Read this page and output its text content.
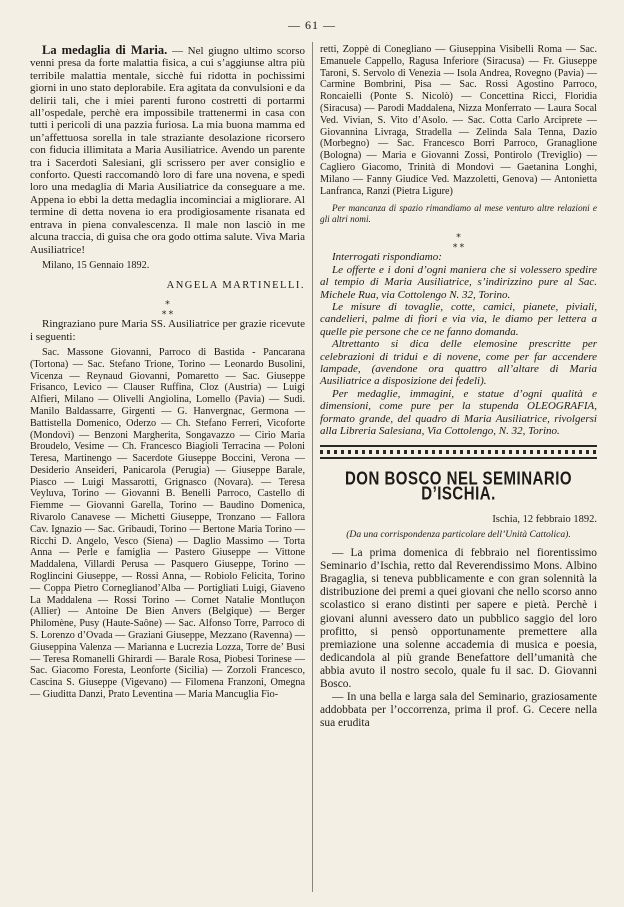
— 61 —

La medaglia di Maria. — Nel giugno ultimo scorso venni presa da forte malattia fisica, a cui s’aggiunse altra più terribile malattia mentale, sicchè fui ridotta in pochissimi giorni in uno stato deplorabile. Era agitata da convulsioni e da delirii tali, che i miei parenti furono costretti di portarmi all’ospedale, perchè era impossibile trattenermi in casa con tutti i pericoli di una pazzia furiosa. La mia buona mamma ed un’affettuosa sorella in tale straziante desolazione ricorsero con fiducia illimitata a Maria Ausiliatrice. Avendo un parente tra i Sacerdoti Salesiani, gli scrissero per aver consiglio e conforto. Questi raccomandò loro di fare una novena, e spedì loro una medaglia di Maria Ausiliatrice da conseguare a me. Appena io ebbi la detta medaglia incominciai a migliorare. Al termine di detta novena io era prodigiosamente risanata ed entrava in piena convalescenza. Il male non lasciò in me alcuna traccia, di guisa che ora godo ottima salute. Viva Maria Ausiliatrice!

Milano, 15 Gennaio 1892.

ANGELA MARTINELLI.

⁎
⁎ ⁎

Ringraziano pure Maria SS. Ausiliatrice per grazie ricevute i seguenti:

Sac. Massone Giovanni, Parroco di Bastida - Pancarana (Tortona) — Sac. Stefano Trione, Torino — Leonardo Busolini, Vicenza — Reynaud Giovanni, Pomaretto — Sac. Giuseppe Frisanco, Levico — Clauser Ruffina, Cloz (Austria) — Luigi Alfieri, Milano — Olivelli Angiolina, Lomello (Pavia) — Sudi. Manilo Baldassarre, Girgenti — G. Hanvergnac, Germona — Battistella Domenico, Oderzo — Ch. Stefano Ferreri, Vicoforte (Mondovì) — Benzoni Margherita, Songavazzo — Cirio Maria Broudelo, Vesime — Ch. Francesco Biagioli Terracina — Poloni Teresa, Martinengo — Sacerdote Giuseppe Boccini, Verona — Desiderio Anseideri, Panicarola (Perugia) — Giuseppe Barale, Piasco — Luigi Massarotti, Grignasco (Novara). — Teresa Veyluva, Torino — Giovanni B. Benelli Parroco, Castello di Fiemme — Giovanni Garella, Torino — Baudino Domenica, Rivarolo Canavese — Michetti Giuseppe, Tronzano — Fallora Cav. Ignazio — Sac. Gribaudi, Torino — Bertone Maria Torino — Ricchi D. Angelo, Vesco (Siena) — Daglio Massimo — Torta Anna — Perle e famiglia — Pastero Giuseppe — Vittone Maddalena, Villardi Perusa — Pasquero Giuseppe, Torino — Roglincini Giuseppe, — Rossi Anna, — Robiolo Felicita, Torino — Coppa Pietro Corneglianod’Alba — Portigliati Luigi, Giaveno La Maddalena — Rossi Torino — Cornet Natalie Montluçon (Allier) — Antoine De Bien Anvers (Belgique) — Berger Philomène, Pusy (Haute-Saône) — Sac. Alfonso Torre, Parroco di S. Lorenzo d’Ovada — Graziani Giuseppe, Mezzano (Ravenna) — Giuseppina Valenza — Marianna e Lucrezia Lozza, Torre de’ Busi — Teresa Romanelli Ghirardi — Barale Rosa, Piobesi Torinese — Sac. Giacomo Foresta, Leonforte (Sicilia) — Zorzoli Francesco, Cascina S. Giuseppe (Vigevano) — Filomena Franzoni, Omegna — Giuditta Danzi, Prato Leventina — Maria Mancuglia Fio-

retti, Zoppè di Conegliano — Giuseppina Visibelli Roma — Sac. Emanuele Cappello, Ragusa Inferiore (Siracusa) — Fr. Giuseppe Taroni, S. Servolo di Venezia — Isola Andrea, Rovegno (Pavia) — Carmine Bombrini, Pisa — Sac. Rossi Agostino Parroco, Roncaielli (Ponte S. Nicolò) — Concettina Ricci, Floridia (Siracusa) — Parodi Maddalena, Nizza Monferrato — Laura Socal Ved. Vivian, S. Vito d’Asolo. — Sac. Cotta Carlo Arciprete — Giovannina Livraga, Stradella — Zelinda Sala Tenna, Dazio (Morbegno) — Sac. Francesco Borri Parroco, Granaglione (Bologna) — Maria e Giovanni Zossi, Pontirolo (Treviglio) — Cagliero Giacomo, Trinità di Mondovì — Gaetanina Longhi, Milano — Fanny Giudice Ved. Mazzoletti, Genova) — Antonietta Lanfranca, Ranzi (Pietra Ligure)

Per mancanza di spazio rimandiamo al mese venturo altre relazioni e gli altri nomi.

⁎
⁎ ⁎

Interrogati rispondiamo:

Le offerte e i doni d’ogni maniera che si volessero spedire al tempio di Maria Ausiliatrice, s’indirizzino pure al Sac. Michele Rua, via Cottolengo N. 32, Torino.

Le misure di tovaglie, cotte, camici, pianete, piviali, candelieri, palme di fiori e via via, le diamo per lettera a quelle pie persone che ce ne fanno domanda.

Altrettanto si dica delle elemosine prescritte per celebrazioni di tridui e di novene, come per far accendere lampade, (avendone ora quattro all’altare di Maria Ausiliatrice a disposizione dei fedeli).

Per medaglie, immagini, e statue d’ogni qualità e dimensioni, come pure per la stupenda OLEOGRAFIA, formato grande, del quadro di Maria Ausiliatrice, rivolgersi alla Libreria Salesiana, Via Cottolengo, N. 32, Torino.

DON BOSCO NEL SEMINARIO D’ISCHIA.

Ischia, 12 febbraio 1892.

(Da una corrispondenza particolare dell’Unità Cattolica).

— La prima domenica di febbraio nel fiorentissimo Seminario d’Ischia, retto dal Reverendissimo Mons. Albino Bragaglia, si teneva pubblicamente e con gran solennità la distribuzione dei premi a quei giovani che nello scorso anno scolastico si erano distinti per sapere e pietà. Perchè i giovani alunni avessero dato un pubblico saggio del loro profitto, si pensò opportunamente premettere alla premiazione una solenne accademia di musica e poesia, dedicandola al più grande Benefattore dell’umanità che abbia avuto il nostro secolo, quale fu il sac. D. Giovanni Bosco.

— In una bella e larga sala del Seminario, graziosamente addobbata per l’occorrenza, prima il prof. G. Cecere nella sua erudita
